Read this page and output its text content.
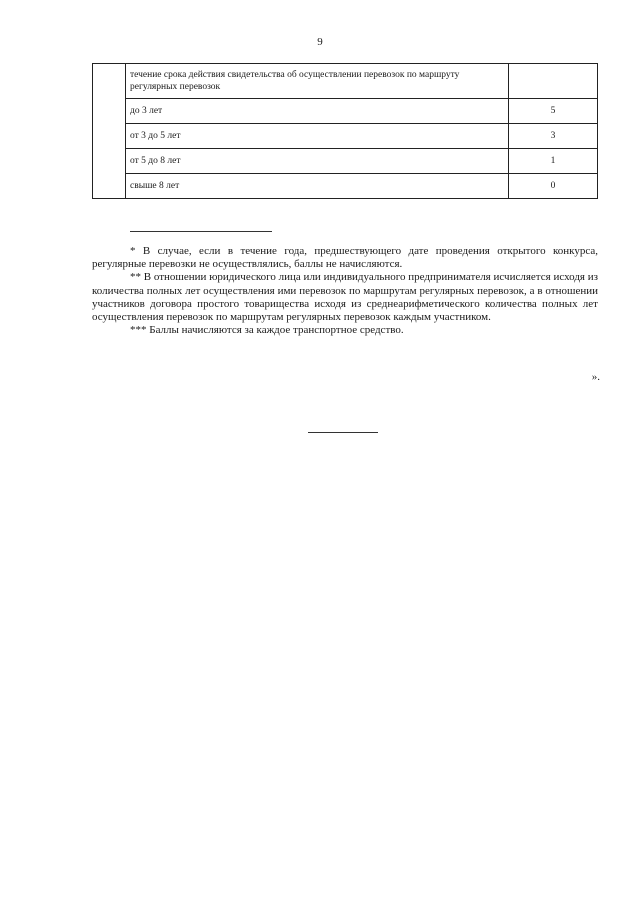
9
	течение срока действия свидетельства об осуществлении перевозок по маршруту регулярных перевозок	
	до 3 лет	5
	от 3 до 5 лет	3
	от 5 до 8 лет	1
	свыше 8 лет	0

* В случае, если в течение года, предшествующего дате проведения открытого конкурса, регулярные перевозки не осуществлялись, баллы не начисляются.

** В отношении юридического лица или индивидуального предпринимателя исчисляется исходя из количества полных лет осуществления ими перевозок по маршрутам регулярных перевозок, а в отношении участников договора простого товарищества исходя из среднеарифметического количества полных лет осуществления перевозок по маршрутам регулярных перевозок каждым участником.

*** Баллы начисляются за каждое транспортное средство.

».
